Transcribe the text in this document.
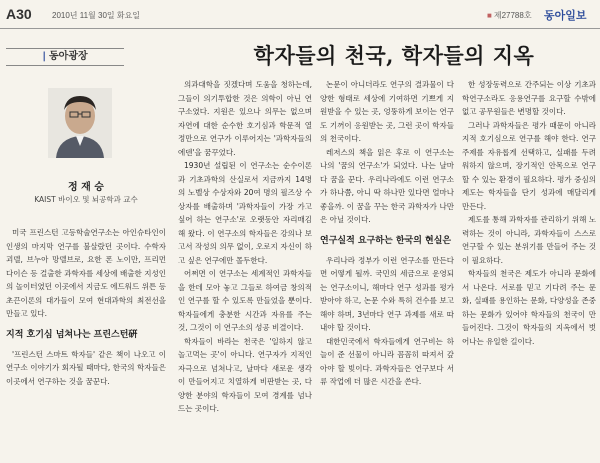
A30	2010년 11월 30일 화요일	■ 제27788호 동아일보
| 동아광장	학자들의 천국, 학자들의 지옥
정 재 승
KAIST 바이오 및 뇌공학과 교수

미국 프린스턴 고등학술연구소는 아인슈타인이 인생의 마지막 연구를 불살랐던 곳이다. 수학자 괴델, 브누아 망델브로, 요한 폰 노이만, 프리먼 다이슨 등 걸출한 과학자를 세상에 배출한 지성인의 놀이터였던 이곳에서 지금도 에드워드 위튼 등 초끈이론의 대가들이 모여 현대과학의 최전선을 만들고 있다.

지적 호기심 넘쳐나는 프린스턴硏

'프린스턴 스마트 학자들' 같은 책이 나오고 이 연구소 이야기가 회자될 때마다, 한국의 학자들은 이곳에서 연구하는 것을 꿈꾼다.

의과대학을 짓겠다며 도움을 청하는데, 그들이 의기투합한 것은 의학이 아닌 연구소였다. 지원은 있으나 의무는 없으며 자연에 대한 순수한 호기심과 학문적 열정만으로 연구가 이루어지는 '과학자들의 에덴'을 꿈꾸었다.

1930년 설립된 이 연구소는 순수이론과 기초과학의 산실로서 지금까지 14명의 노벨상 수상자와 20여 명의 필즈상 수상자를 배출하며 '과학자들이 가장 가고 싶어 하는 연구소'로 오랫동안 자리매김해 왔다. 이 연구소의 학자들은 강의나 보고서 작성의 의무 없이, 오로지 자신이 하고 싶은 연구에만 몰두한다.

어쩌면 이 연구소는 세계적인 과학자들을 한데 모아 놓고 그들로 하여금 창의적인 연구를 할 수 있도록 만들었을 뿐이다. 학자들에게 충분한 시간과 자유를 주는 것, 그것이 이 연구소의 성공 비결이다.

학자들이 바라는 천국은 '일하지 않고 놀고먹는 곳'이 아니다. 연구자가 지적인 자극으로 넘쳐나고, 날마다 새로운 생각이 만들어지고 치열하게 비판받는 곳, 다양한 분야의 학자들이 모여 경계를 넘나드는 곳이다.

논문이 아니더라도 연구의 결과물이 다양한 형태로 세상에 기여하면 기쁘게 지원받을 수 있는 곳, 엉뚱하게 보이는 연구도 기꺼이 응원받는 곳, 그런 곳이 학자들의 천국이다.

레저스의 책을 읽은 후로 이 연구소는 나의 '꿈의 연구소'가 되었다. 나는 날마다 꿈을 꾼다. 우리나라에도 이런 연구소가 하나쯤, 아니 딱 하나만 있다면 얼마나 좋을까. 이 꿈을 꾸는 한국 과학자가 나만은 아닐 것이다.

연구실적 요구하는 한국의 현실은

우리나라 정부가 이런 연구소를 만든다면 어떻게 될까. 국민의 세금으로 운영되는 연구소이니, 해마다 연구 성과를 평가받아야 하고, 논문 수와 특허 건수를 보고해야 하며, 3년마다 연구 과제를 새로 따내야 할 것이다.

대한민국에서 학자들에게 연구비는 하늘이 준 선물이 아니라 꼼꼼히 따져서 갚아야 할 빚이다. 과학자들은 연구보다 서류 작업에 더 많은 시간을 쓴다.

한 성장동력으로 간주되는 이상 기초과학연구소라도 응용연구를 요구할 수밖에 없고 공무원들은 변명할 것이다.

그러나 과학자들은 평가 때문이 아니라 지적 호기심으로 연구를 해야 한다. 연구 주제를 자유롭게 선택하고, 실패를 두려워하지 않으며, 장기적인 안목으로 연구할 수 있는 환경이 필요하다. 평가 중심의 제도는 학자들을 단기 성과에 매달리게 만든다.

제도를 통해 과학자를 관리하기 위해 노력하는 것이 아니라, 과학자들이 스스로 연구할 수 있는 분위기를 만들어 주는 것이 필요하다.

학자들의 천국은 제도가 아니라 문화에서 나온다. 서로를 믿고 기다려 주는 문화, 실패를 용인하는 문화, 다양성을 존중하는 문화가 있어야 학자들의 천국이 만들어진다. 그것이 학자들의 지옥에서 벗어나는 유일한 길이다.
